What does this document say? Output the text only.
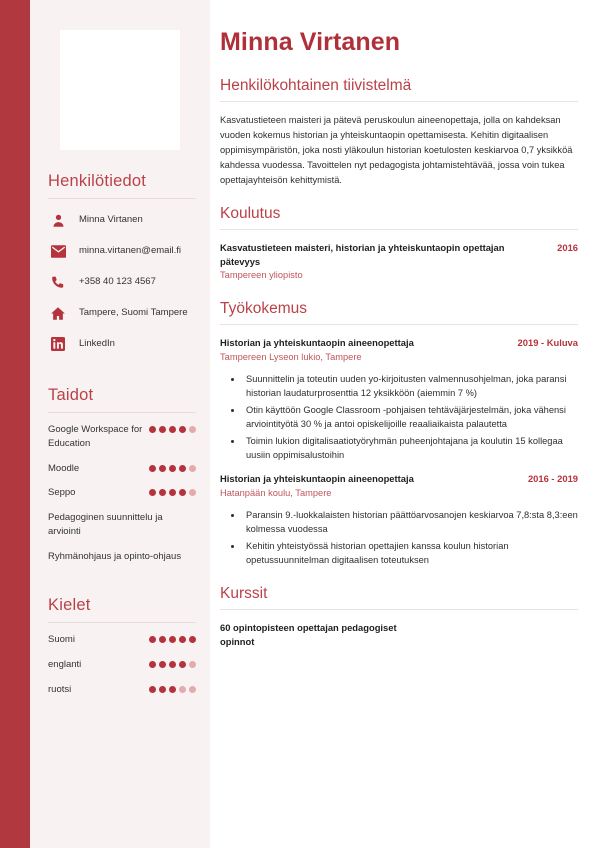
Henkilötiedot
Minna Virtanen
minna.virtanen@email.fi
+358 40 123 4567
Tampere, Suomi Tampere
LinkedIn
Taidot
Google Workspace for Education
Moodle
Seppo
Pedagoginen suunnittelu ja arviointi
Ryhmänohjaus ja opinto-ohjaus
Kielet
Suomi
englanti
ruotsi
Minna Virtanen
Henkilökohtainen tiivistelmä

Kasvatustieteen maisteri ja pätevä peruskoulun aineenopettaja, jolla on kahdeksan vuoden kokemus historian ja yhteiskuntaopin opettamisesta. Kehitin digitaalisen oppimisympäristön, joka nosti yläkoulun historian koetulosten keskiarvoa 0,7 yksikköä kahdessa vuodessa. Tavoittelen nyt pedagogista johtamistehtävää, jossa voin tukea opettajayhteisön kehittymistä.

Koulutus
Kasvatustieteen maisteri, historian ja yhteiskuntaopin opettajan pätevyys
2016
Tampereen yliopisto
Työkokemus
Historian ja yhteiskuntaopin aineenopettaja	2019 - Kuluva
Tampereen Lyseon lukio, Tampere
• Suunnittelin ja toteutin uuden yo-kirjoitusten valmennusohjelman, joka paransi historian laudaturprosenttia 12 yksikköön (aiemmin 7 %)
• Otin käyttöön Google Classroom -pohjaisen tehtäväjärjestelmän, joka vähensi arviointityötä 30 % ja antoi opiskelijoille reaaliaikaista palautetta
• Toimin lukion digitalisaatiotyöryhmän puheenjohtajana ja koulutin 15 kollegaa uusiin oppimisalustoihin
Historian ja yhteiskuntaopin aineenopettaja	2016 - 2019
Hatanpään koulu, Tampere
• Paransin 9.-luokkalaisten historian päättöarvosanojen keskiarvoa 7,8:sta 8,3:een kolmessa vuodessa
• Kehitin yhteistyössä historian opettajien kanssa koulun historian opetussuunnitelman digitaalisen toteutuksen
Kurssit
60 opintopisteen opettajan pedagogiset opinnot
